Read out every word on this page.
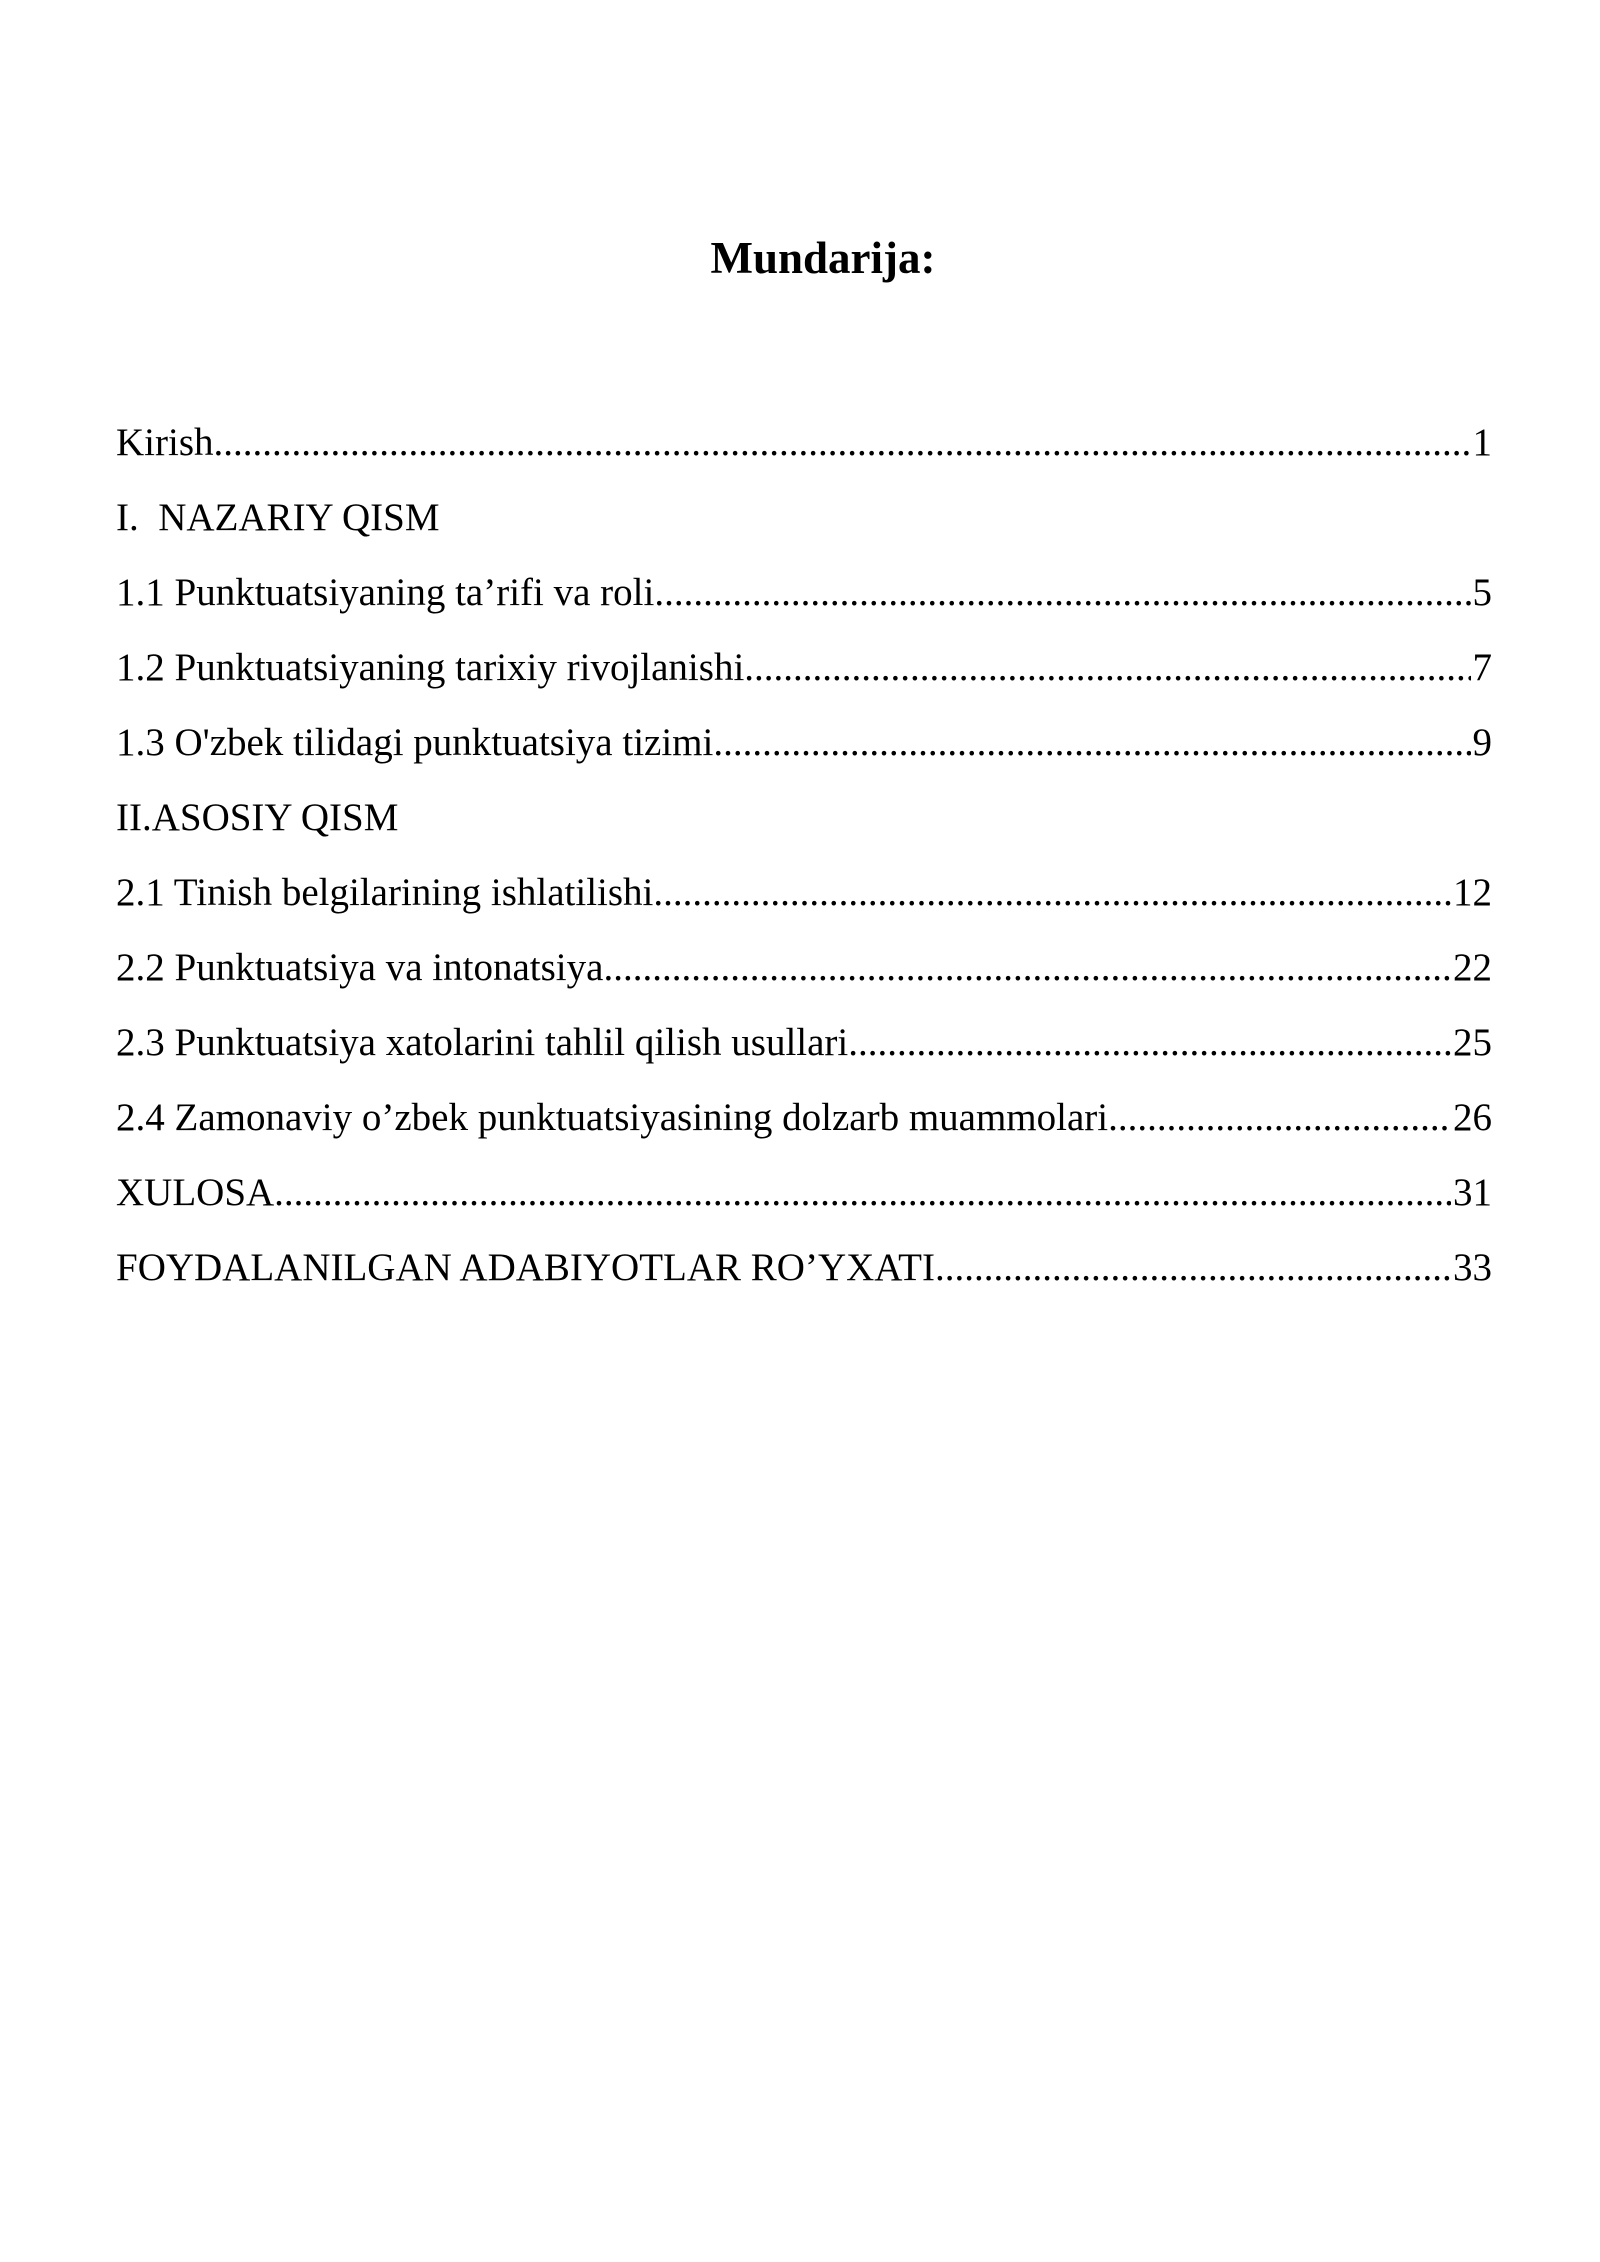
Mundarija:
Kirish .....	1
I.  NAZARIY QISM
1.1 Punktuatsiyaning ta’rifi va roli .....	5
1.2 Punktuatsiyaning tarixiy rivojlanishi .....	7
1.3 O'zbek tilidagi punktuatsiya tizimi .....	9
II.ASOSIY QISM
2.1 Tinish belgilarining ishlatilishi .....	12
2.2 Punktuatsiya va intonatsiya .....	22
2.3 Punktuatsiya xatolarini tahlil qilish usullari .....	25
2.4 Zamonaviy o’zbek punktuatsiyasining dolzarb muammolari .....	26
XULOSA .....	31
FOYDALANILGAN ADABIYOTLAR RO’YXATI .....	33
